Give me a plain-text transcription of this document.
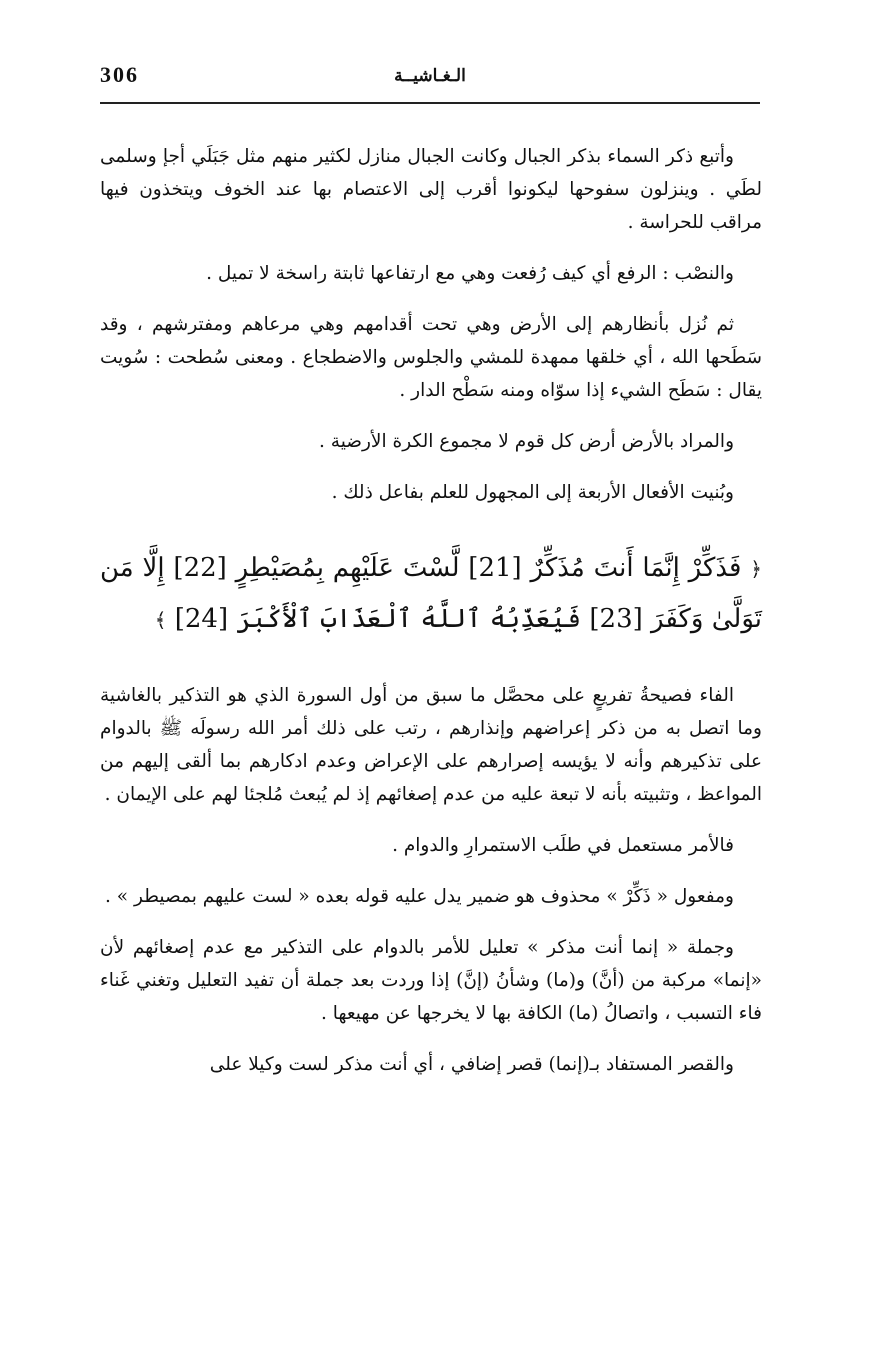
306	الـغـاشيــة

وأتبع ذكر السماء بذكر الجبال وكانت الجبال منازل لكثير منهم مثل جَبَلَي أجإ وسلمى لطَي . وينزلون سفوحها ليكونوا أقرب إلى الاعتصام بها عند الخوف ويتخذون فيها مراقب للحراسة .

والنصْب : الرفع أي كيف رُفعت وهي مع ارتفاعها ثابتة راسخة لا تميل .

ثم نُزل بأنظارهم إلى الأرض وهي تحت أقدامهم وهي مرعاهم ومفترشهم ، وقد سَطَحها الله ، أي خلقها ممهدة للمشي والجلوس والاضطجاع . ومعنى سُطحت : سُويت يقال : سَطَح الشيء إذا سوّاه ومنه سَطْح الدار .

والمراد بالأرض أرض كل قوم لا مجموع الكرة الأرضية .

وبُنيت الأفعال الأربعة إلى المجهول للعلم بفاعل ذلك .

﴿ فَذَكِّرْ إِنَّمَا أَنتَ مُذَكِّرٌ [21] لَّسْتَ عَلَيْهِم بِمُصَيْطِرٍ [22] إِلَّا مَن تَوَلَّىٰ وَكَفَرَ [23] فَيُعَذِّبُهُ ٱللَّهُ ٱلْعَذَابَ ٱلْأَكْبَرَ [24] ﴾

الفاء فصيحةُ تفريعٍ على محصَّل ما سبق من أول السورة الذي هو التذكير بالغاشية وما اتصل به من ذكر إعراضهم وإنذارهم ، رتب على ذلك أمر الله رسولَه ﷺ بالدوام على تذكيرهم وأنه لا يؤيسه إصرارهم على الإعراض وعدم ادكارهم بما ألقى إليهم من المواعظ ، وتثبيته بأنه لا تبعة عليه من عدم إصغائهم إذ لم يُبعث مُلجئا لهم على الإيمان .

فالأمر مستعمل في طلَب الاستمرارِ والدوام .

ومفعول « ذَكِّرْ » محذوف هو ضمير يدل عليه قوله بعده « لست عليهم بمصيطر » .

وجملة « إنما أنت مذكر » تعليل للأمر بالدوام على التذكير مع عدم إصغائهم لأن «إنما» مركبة من (أنَّ) و(ما) وشأنُ (إنَّ) إذا وردت بعد جملة أن تفيد التعليل وتغني غَناء فاء التسبب ، واتصالُ (ما) الكافة بها لا يخرجها عن مهيعها .

والقصر المستفاد بـ(إنما) قصر إضافي ، أي أنت مذكر لست وكيلا على
